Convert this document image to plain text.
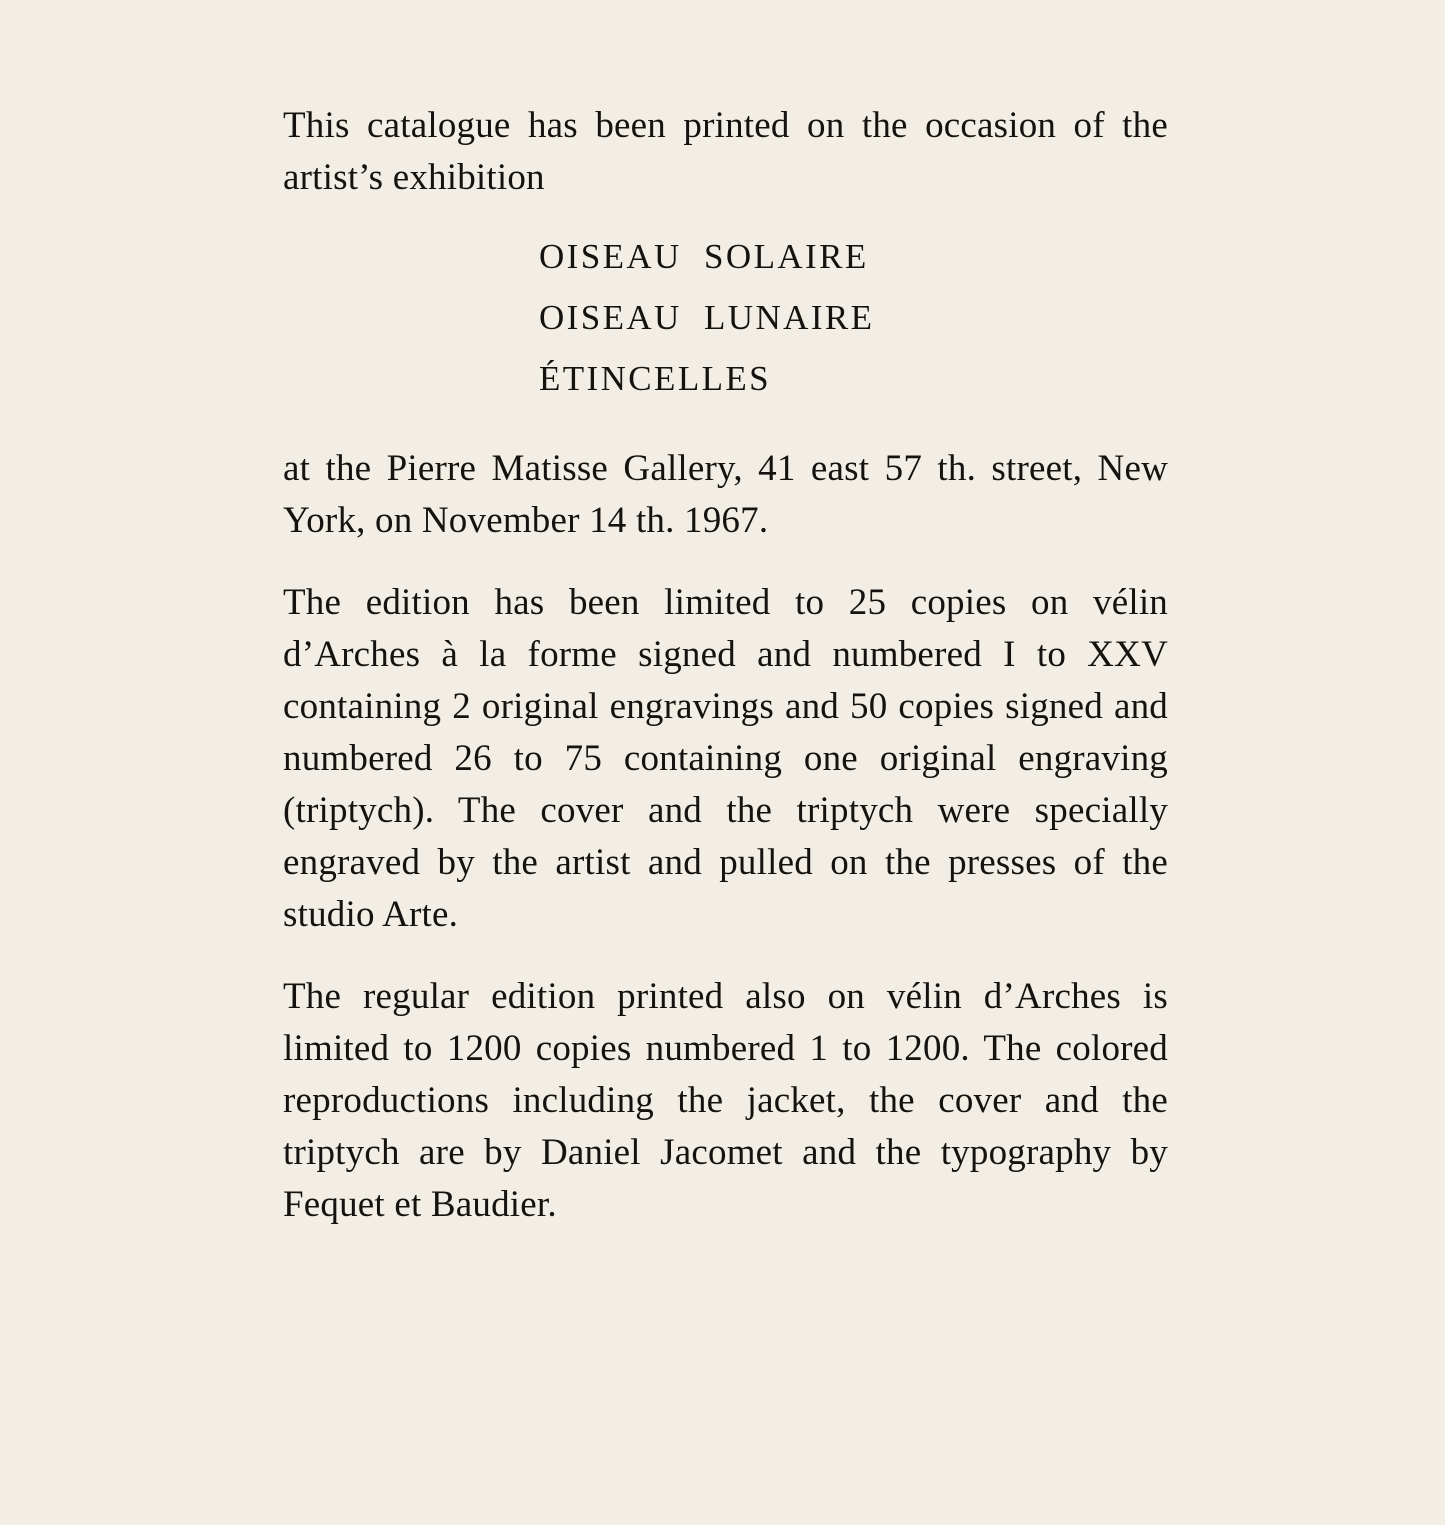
This catalogue has been printed on the occasion of the artist’s exhibition

OISEAU  SOLAIRE
OISEAU  LUNAIRE
ÉTINCELLES

at the Pierre Matisse Gallery, 41 east 57 th. street, New York, on November 14 th. 1967.

The edition has been limited to 25 copies on vélin d’Arches à la forme signed and numbered I to XXV containing 2 original engravings and 50 copies signed and numbered 26 to 75 containing one original engraving (triptych). The cover and the triptych were specially engraved by the artist and pulled on the presses of the studio Arte.

The regular edition printed also on vélin d’Arches is limited to 1200 copies numbered 1 to 1200. The colored reproductions including the jacket, the cover and the triptych are by Daniel Jacomet and the typography by Fequet et Baudier.
